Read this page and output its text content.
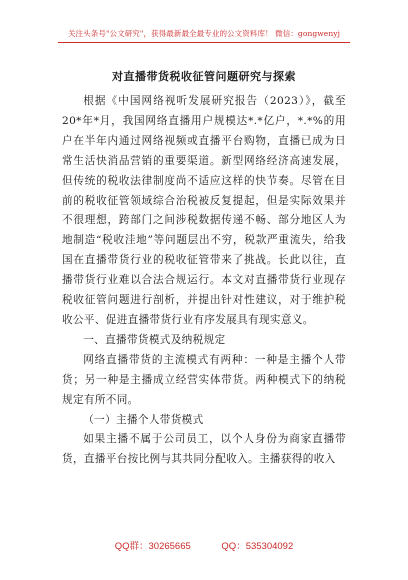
关注头条号"公文研究"，获得最新最全最专业的公文资料库！ 微信：gongwenyj
对直播带货税收征管问题研究与探索

根据《中国网络视听发展研究报告（2023）》，截至20*年*月，我国网络直播用户规模达*.*亿户，*.*%的用户在半年内通过网络视频或直播平台购物，直播已成为日常生活快消品营销的重要渠道。新型网络经济高速发展，但传统的税收法律制度尚不适应这样的快节奏。尽管在目前的税收征管领域综合治税被反复提起，但是实际效果并不很理想，跨部门之间涉税数据传递不畅、部分地区人为地制造“税收洼地”等问题层出不穷，税款严重流失，给我国在直播带货行业的税收征管带来了挑战。长此以往，直播带货行业难以合法合规运行。本文对直播带货行业现存税收征管问题进行剖析，并提出针对性建议，对于维护税收公平、促进直播带货行业有序发展具有现实意义。

一、直播带货模式及纳税规定

网络直播带货的主流模式有两种：一种是主播个人带货；另一种是主播成立经营实体带货。两种模式下的纳税规定有所不同。

（一）主播个人带货模式

如果主播不属于公司员工，以个人身份为商家直播带货，直播平台按比例与其共同分配收入。主播获得的收入

QQ群：30265665	QQ：535304092
